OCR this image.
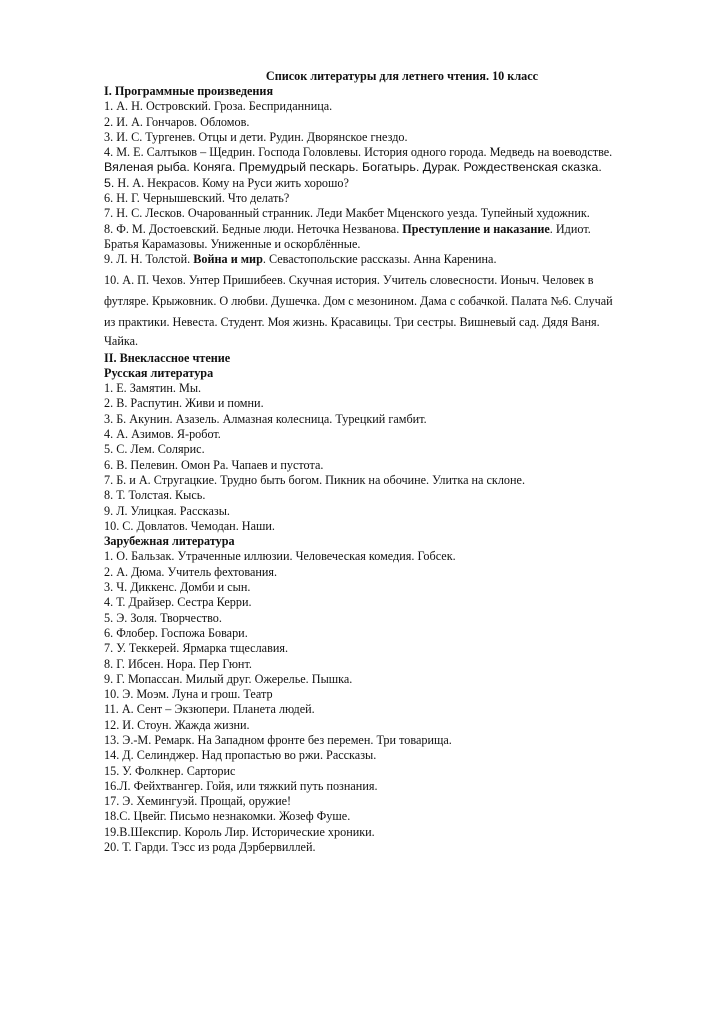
Список литературы для летнего чтения. 10 класс
I. Программные произведения
1. А. Н. Островский. Гроза. Бесприданница.
2. И. А. Гончаров. Обломов.
3. И. С. Тургенев. Отцы и дети. Рудин. Дворянское гнездо.
4. М. Е. Салтыков – Щедрин. Господа Головлевы. История одного города. Медведь на воеводстве.
Вяленая рыба. Коняга. Премудрый пескарь. Богатырь. Дурак. Рождественская сказка.
5. Н. А. Некрасов. Кому на Руси жить хорошо?
6. Н. Г. Чернышевский. Что делать?
7. Н. С. Лесков. Очарованный странник. Леди Макбет Мценского уезда. Тупейный художник.
8. Ф. М. Достоевский. Бедные люди. Неточка Незванова. Преступление и наказание. Идиот.
Братья Карамазовы. Униженные и оскорблённые.
9. Л. Н. Толстой. Война и мир. Севастопольские рассказы. Анна Каренина.
10. А. П. Чехов. Унтер Пришибеев. Скучная история. Учитель словесности. Ионыч. Человек в
футляре. Крыжовник. О любви. Душечка. Дом с мезонином. Дама с собачкой. Палата №6. Случай
из практики. Невеста. Студент. Моя жизнь. Красавицы. Три сестры. Вишневый сад. Дядя Ваня.
Чайка.
II. Внеклассное чтение
Русская литература
1. Е. Замятин. Мы.
2. В. Распутин. Живи и помни.
3. Б. Акунин. Азазель. Алмазная колесница. Турецкий гамбит.
4. А. Азимов. Я-робот.
5. С. Лем. Солярис.
6. В. Пелевин. Омон Ра. Чапаев и пустота.
7. Б. и А. Стругацкие. Трудно быть богом. Пикник на обочине. Улитка на склоне.
8. Т. Толстая. Кысь.
9. Л. Улицкая. Рассказы.
10. С. Довлатов. Чемодан. Наши.
Зарубежная литература
1. О. Бальзак. Утраченные иллюзии. Человеческая комедия. Гобсек.
2. А. Дюма. Учитель фехтования.
3. Ч. Диккенс. Домби и сын.
4. Т. Драйзер. Сестра Керри.
5. Э. Золя. Творчество.
6. Флобер. Госпожа Бовари.
7. У. Теккерей. Ярмарка тщеславия.
8. Г. Ибсен. Нора. Пер Гюнт.
9. Г. Мопассан. Милый друг. Ожерелье. Пышка.
10. Э. Моэм. Луна и грош. Театр
11. А. Сент – Экзюпери. Планета людей.
12. И. Стоун. Жажда жизни.
13. Э.-М. Ремарк. На Западном фронте без перемен. Три товарища.
14. Д. Селинджер. Над пропастью во ржи. Рассказы.
15. У. Фолкнер. Сарторис
16.Л. Фейхтвангер. Гойя, или тяжкий путь познания.
17. Э. Хемингуэй. Прощай, оружие!
18.С. Цвейг. Письмо незнакомки. Жозеф Фуше.
19.В.Шекспир. Король Лир. Исторические хроники.
20. Т. Гарди. Тэсс из рода Дэрбервиллей.
